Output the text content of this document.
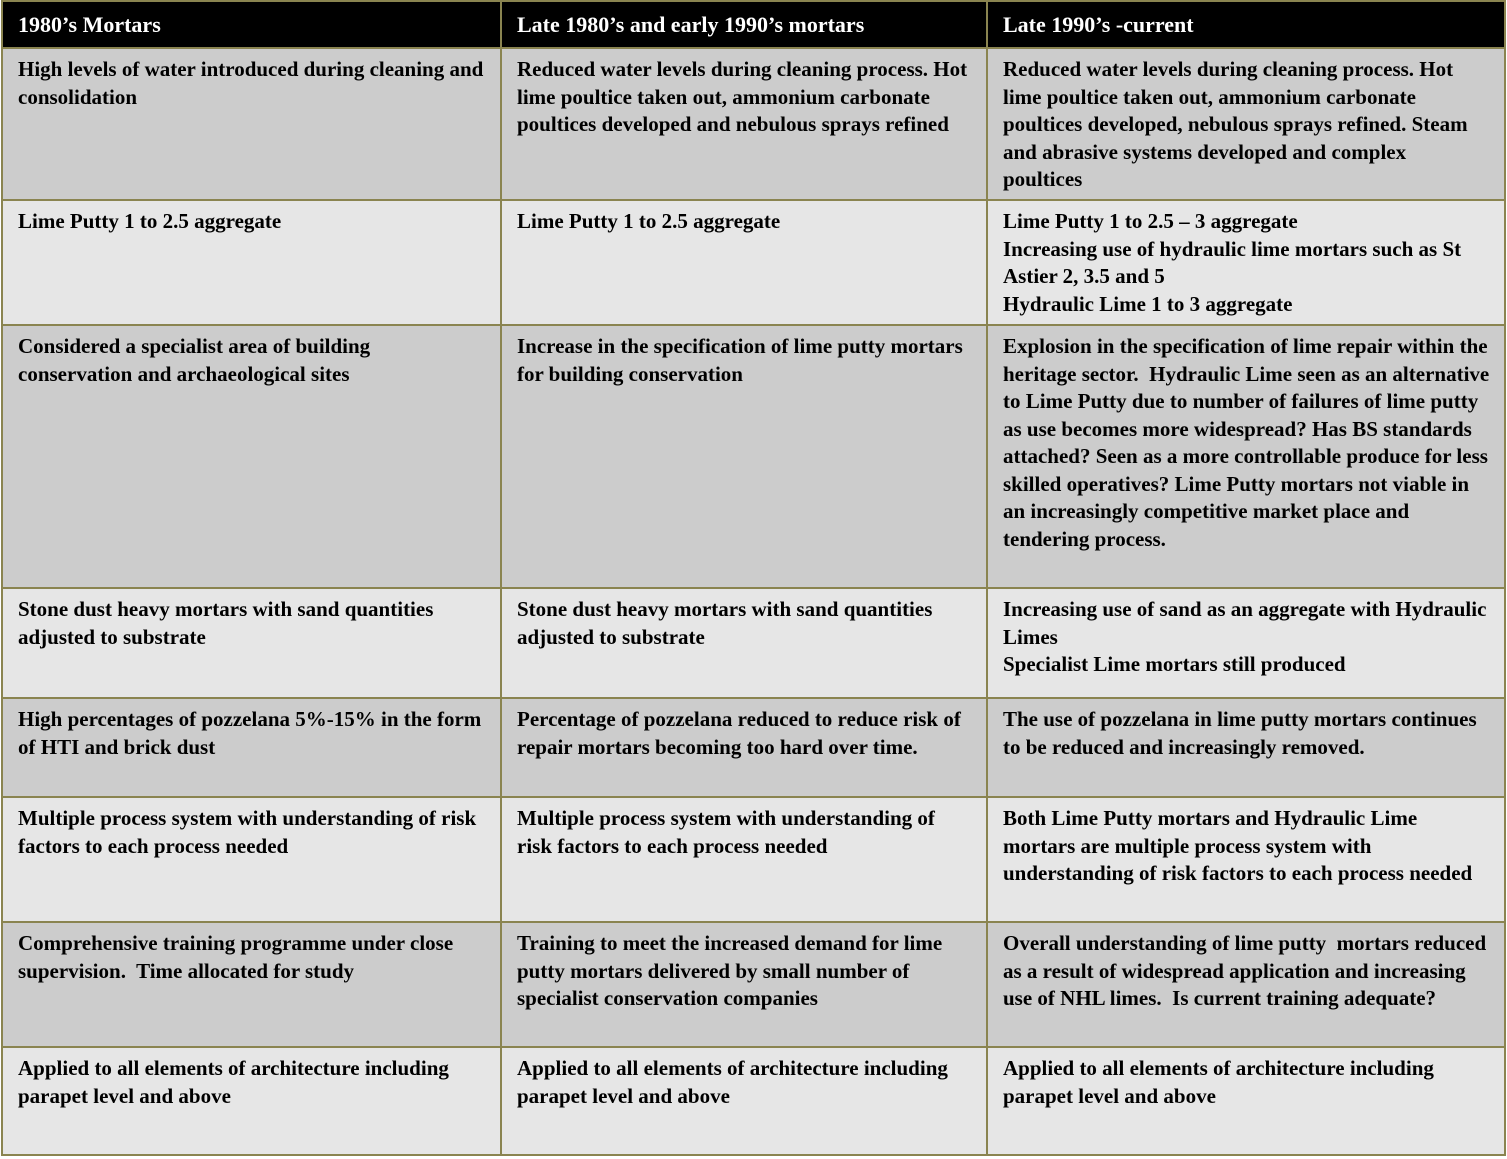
1980’s Mortars	Late 1980’s and early 1990’s mortars	Late 1990’s -current

High levels of water introduced during cleaning and consolidation	Reduced water levels during cleaning process. Hot lime poultice taken out, ammonium carbonate poultices developed and nebulous sprays refined	Reduced water levels during cleaning process. Hot lime poultice taken out, ammonium carbonate poultices developed, nebulous sprays refined. Steam and abrasive systems developed and complex poultices

Lime Putty 1 to 2.5 aggregate	Lime Putty 1 to 2.5 aggregate	Lime Putty 1 to 2.5 – 3 aggregate
Increasing use of hydraulic lime mortars such as St Astier 2, 3.5 and 5
Hydraulic Lime 1 to 3 aggregate

Considered a specialist area of building conservation and archaeological sites	Increase in the specification of lime putty mortars for building conservation	Explosion in the specification of lime repair within the heritage sector.  Hydraulic Lime seen as an alternative to Lime Putty due to number of failures of lime putty as use becomes more widespread? Has BS standards attached? Seen as a more controllable produce for less skilled operatives? Lime Putty mortars not viable in an increasingly competitive market place and tendering process.

Stone dust heavy mortars with sand quantities adjusted to substrate	Stone dust heavy mortars with sand quantities adjusted to substrate	Increasing use of sand as an aggregate with Hydraulic Limes
Specialist Lime mortars still produced

High percentages of pozzelana 5%-15% in the form of HTI and brick dust	Percentage of pozzelana reduced to reduce risk of repair mortars becoming too hard over time.	The use of pozzelana in lime putty mortars continues to be reduced and increasingly removed.

Multiple process system with understanding of risk factors to each process needed	Multiple process system with understanding of risk factors to each process needed	Both Lime Putty mortars and Hydraulic Lime mortars are multiple process system with understanding of risk factors to each process needed

Comprehensive training programme under close supervision.  Time allocated for study	Training to meet the increased demand for lime putty mortars delivered by small number of specialist conservation companies	Overall understanding of lime putty  mortars reduced as a result of widespread application and increasing use of NHL limes.  Is current training adequate?

Applied to all elements of architecture including parapet level and above	Applied to all elements of architecture including parapet level and above	Applied to all elements of architecture including parapet level and above
